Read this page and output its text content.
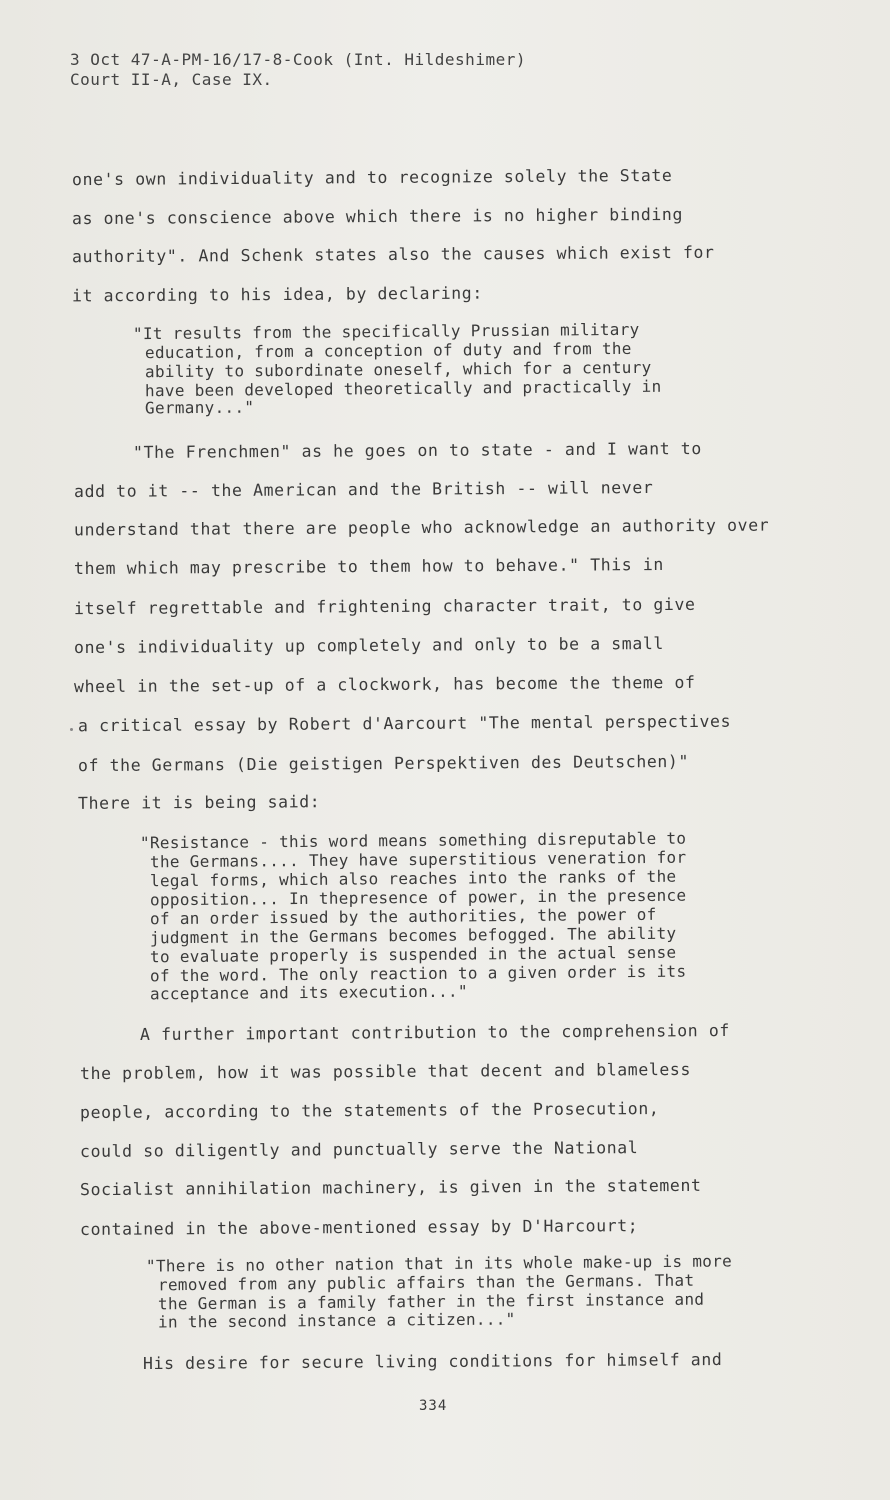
3 Oct 47-A-PM-16/17-8-Cook (Int. Hildeshimer)
Court II-A, Case IX.
one's own individuality and to recognize solely the State
as one's conscience above which there is no higher binding
authority". And Schenk states also the causes which exist for
it according to his idea, by declaring:
"It results from the specifically Prussian military
education, from a conception of duty and from the
ability to subordinate oneself, which for a century
have been developed theoretically and practically in
Germany..."
"The Frenchmen" as he goes on to state - and I want to
add to it -- the American and the British -- will never
understand that there are people who acknowledge an authority over
them which may prescribe to them how to behave." This in
itself regrettable and frightening character trait, to give
one's individuality up completely and only to be a small
wheel in the set-up of a clockwork, has become the theme of
a critical essay by Robert d'Aarcourt "The mental perspectives
of the Germans (Die geistigen Perspektiven des Deutschen)"
There it is being said:
"Resistance - this word means something disreputable to
the Germans.... They have superstitious veneration for
legal forms, which also reaches into the ranks of the
opposition... In thepresence of power, in the presence
of an order issued by the authorities, the power of
judgment in the Germans becomes befogged. The ability
to evaluate properly is suspended in the actual sense
of the word. The only reaction to a given order is its
acceptance and its execution..."
A further important contribution to the comprehension of
the problem, how it was possible that decent and blameless
people, according to the statements of the Prosecution,
could so diligently and punctually serve the National
Socialist annihilation machinery, is given in the statement
contained in the above-mentioned essay by D'Harcourt;
"There is no other nation that in its whole make-up is more
removed from any public affairs than the Germans. That
the German is a family father in the first instance and
in the second instance a citizen..."
His desire for secure living conditions for himself and
334
